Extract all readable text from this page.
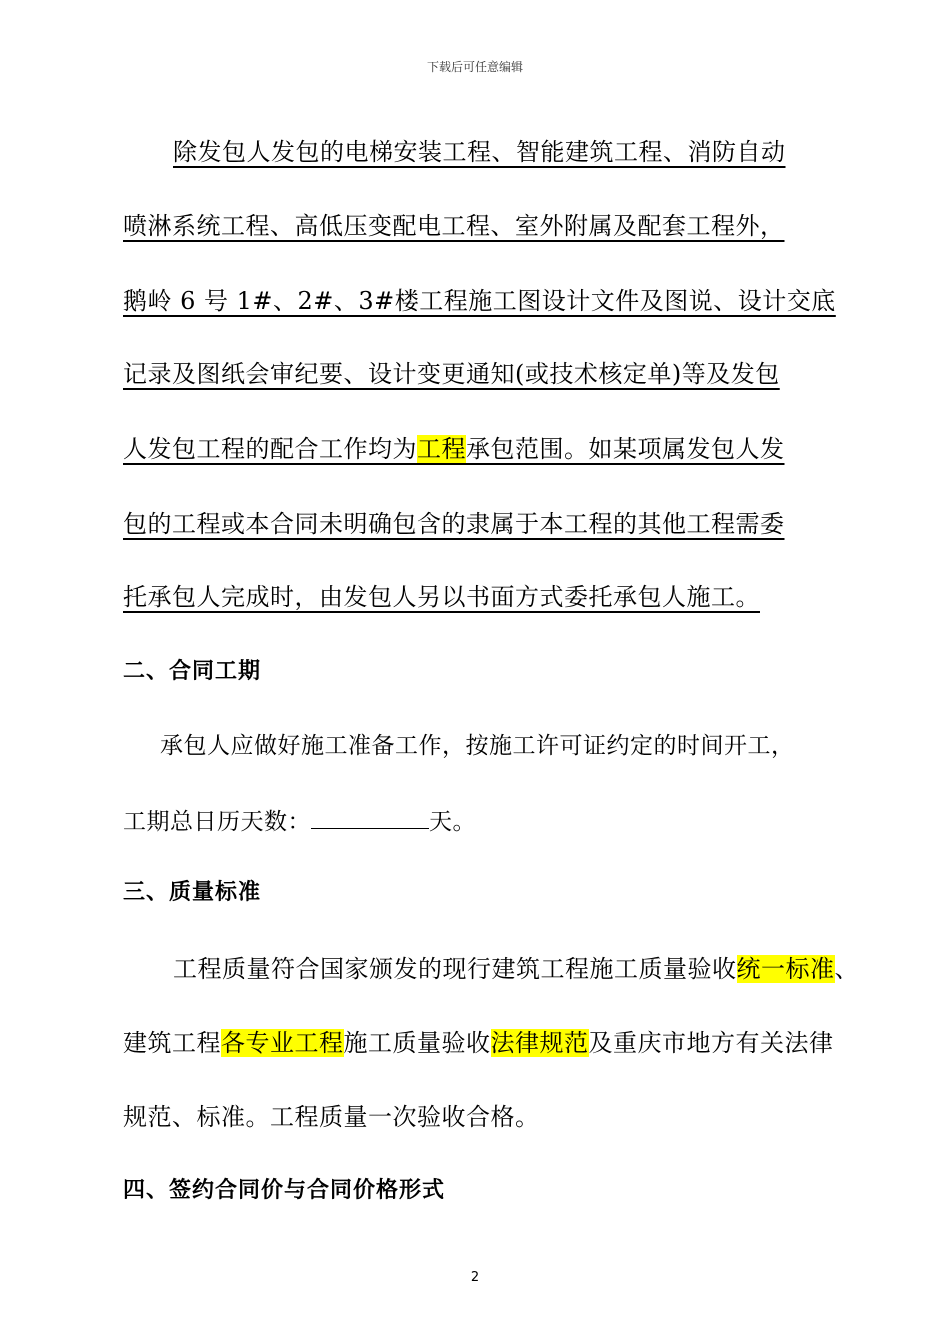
下载后可任意编辑
除发包人发包的电梯安装工程、智能建筑工程、消防自动
喷淋系统工程、高低压变配电工程、室外附属及配套工程外，
鹅岭 6 号 1#、2#、3#楼工程施工图设计文件及图说、设计交底
记录及图纸会审纪要、设计变更通知(或技术核定单)等及发包
人发包工程的配合工作均为工程承包范围。如某项属发包人发
包的工程或本合同未明确包含的隶属于本工程的其他工程需委
托承包人完成时，由发包人另以书面方式委托承包人施工。
二、合同工期
承包人应做好施工准备工作，按施工许可证约定的时间开工，
工期总日历天数：	天。
三、质量标准
工程质量符合国家颁发的现行建筑工程施工质量验收统一标准、
建筑工程各专业工程施工质量验收法律规范及重庆市地方有关法律
规范、标准。工程质量一次验收合格。
四、签约合同价与合同价格形式
2
